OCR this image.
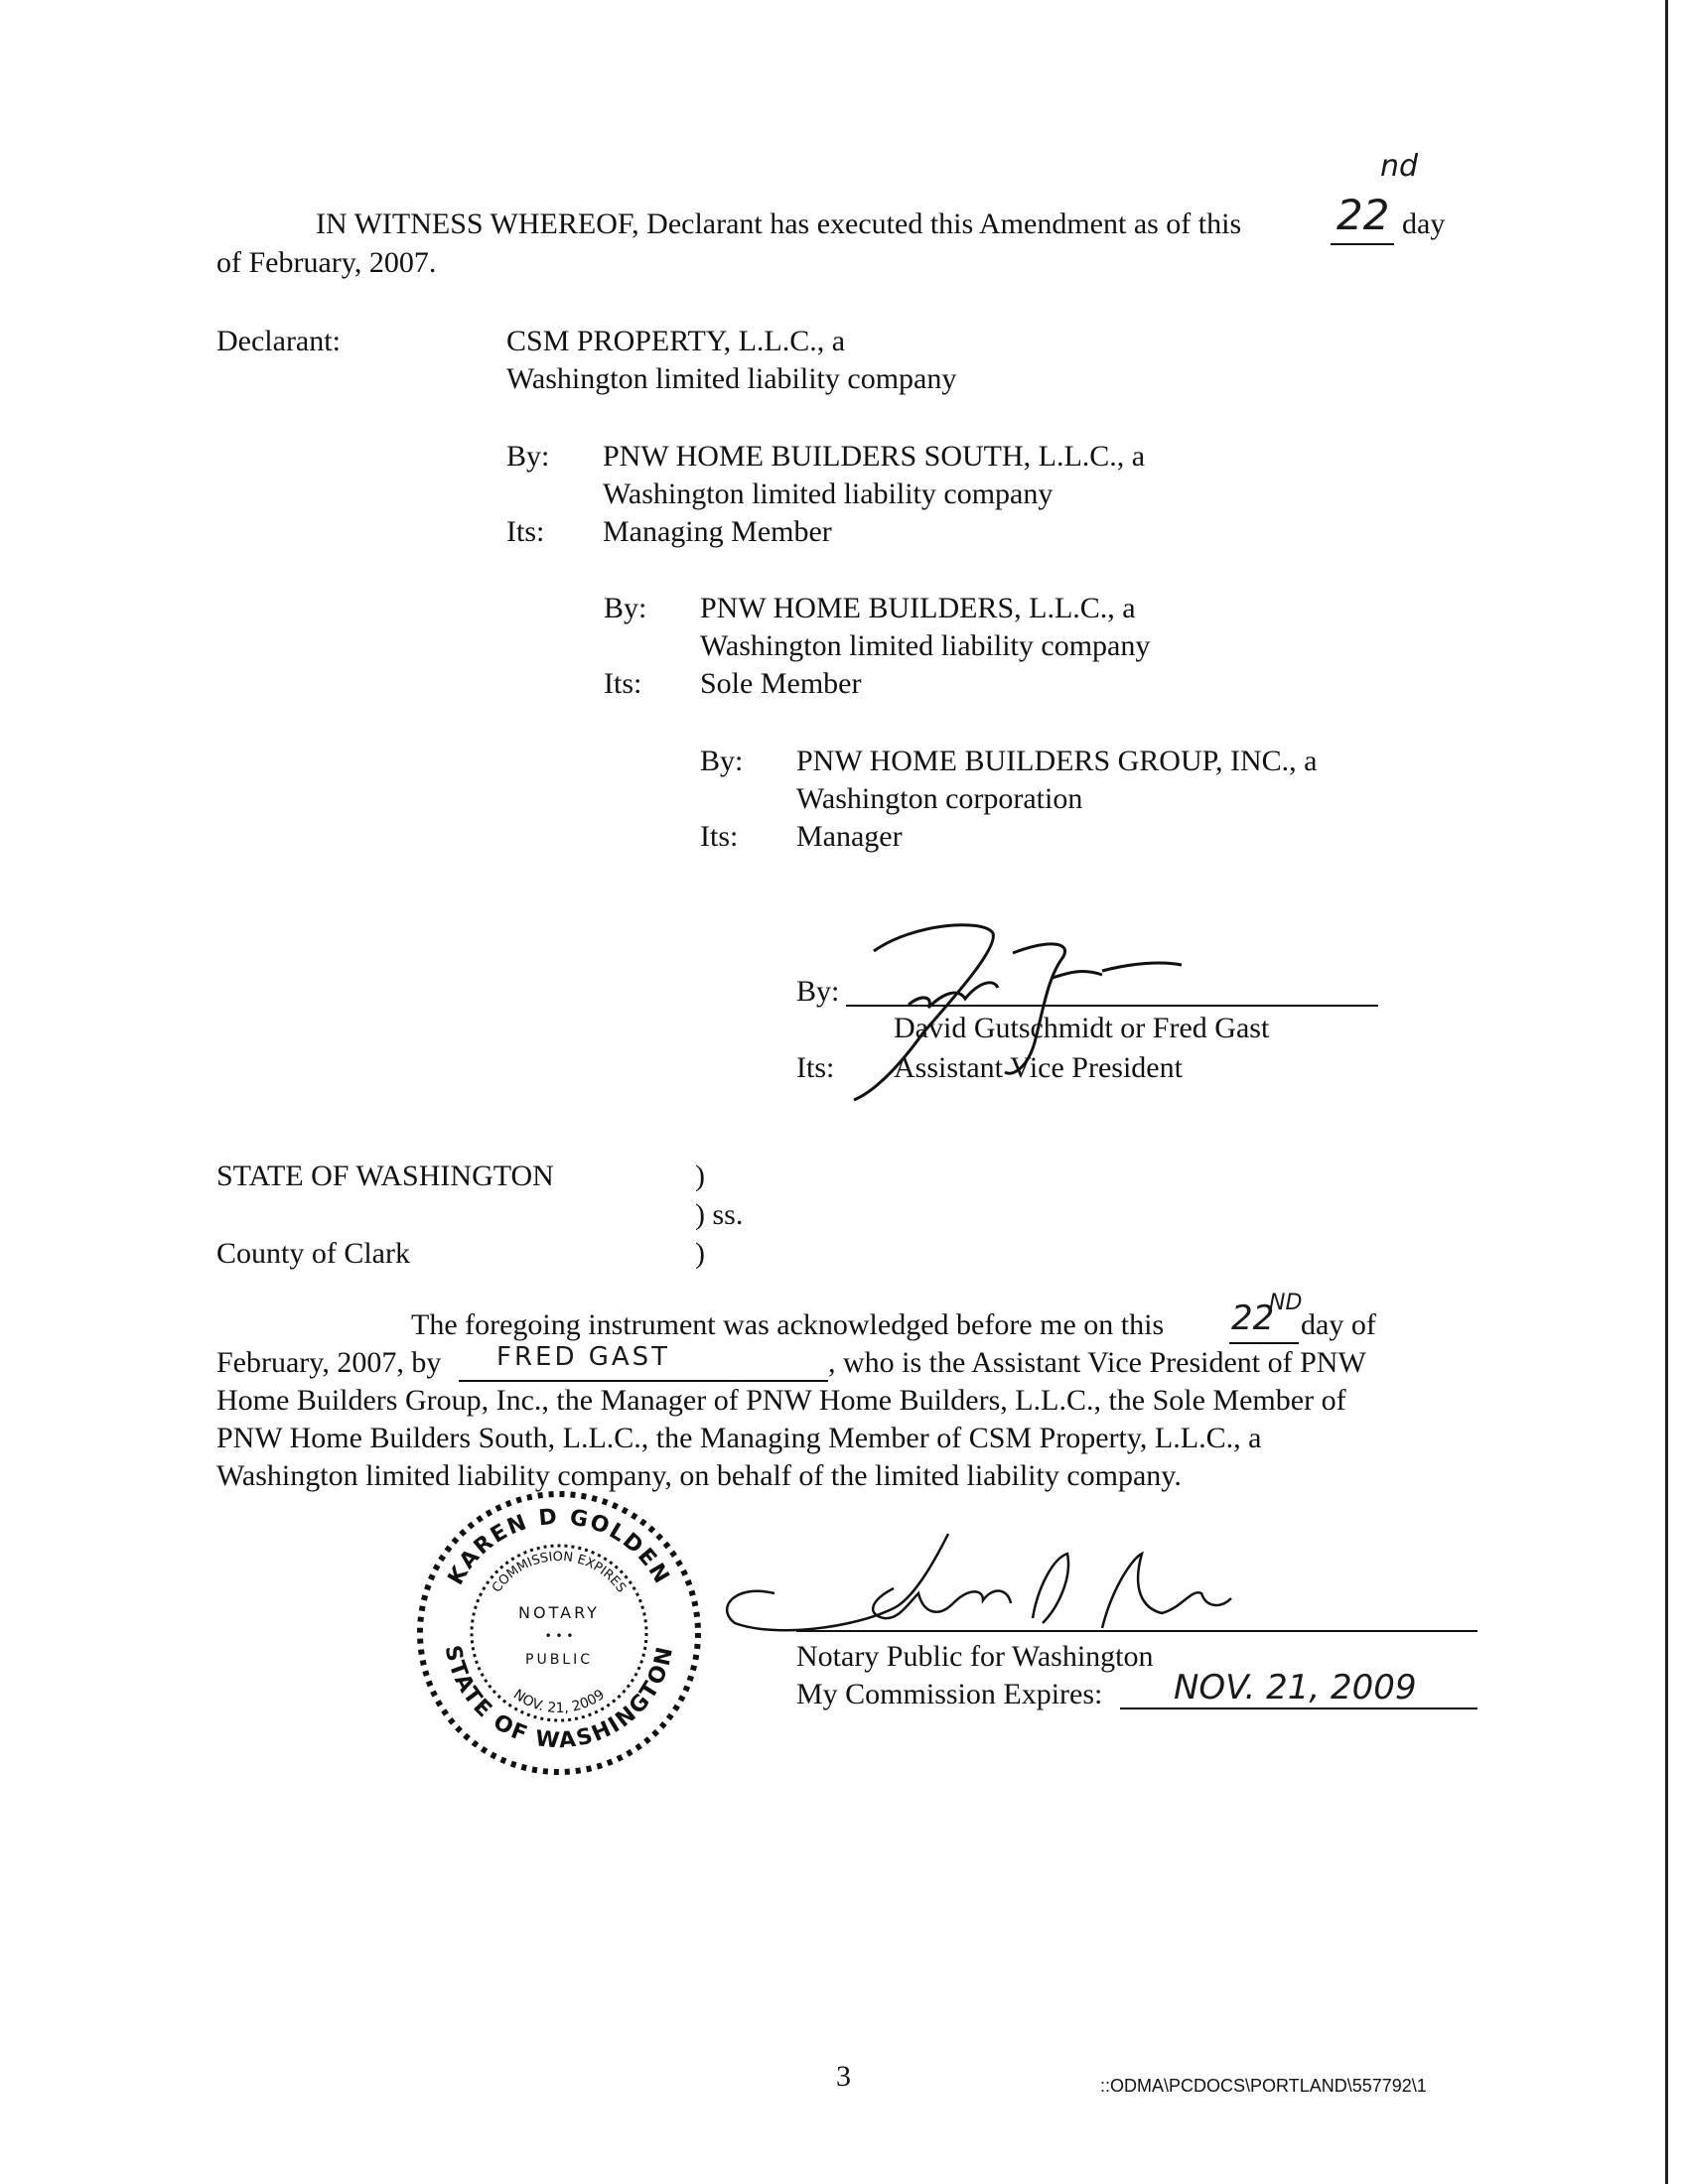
IN WITNESS WHEREOF, Declarant has executed this Amendment as of this 22
nd
day
of February, 2007.
Declarant:	CSM PROPERTY, L.L.C., a
Washington limited liability company
By: PNW HOME BUILDERS SOUTH, L.L.C., a
Washington limited liability company
Its: Managing Member
By: PNW HOME BUILDERS, L.L.C., a
Washington limited liability company
Its: Sole Member
By: PNW HOME BUILDERS GROUP, INC., a
Washington corporation
Its: Manager
By:
David Gutschmidt or Fred Gast
Its: Assistant Vice President
STATE OF WASHINGTON	)
) ss.
County of Clark	)
The foregoing instrument was acknowledged before me on this 22
ND
day of
February, 2007, by FRED GAST	, who is the Assistant Vice President of PNW
Home Builders Group, Inc., the Manager of PNW Home Builders, L.L.C., the Sole Member of
PNW Home Builders South, L.L.C., the Managing Member of CSM Property, L.L.C., a
Washington limited liability company, on behalf of the limited liability company.
KAREN D GOLDEN
STATE OF WASHINGTON
COMMISSION EXPIRES
NOV. 21, 2009
NOTARY
• • •
PUBLIC	Notary Public for Washington
My Commission Expires: NOV. 21, 2009
3	::ODMA\PCDOCS\PORTLAND\557792\1
